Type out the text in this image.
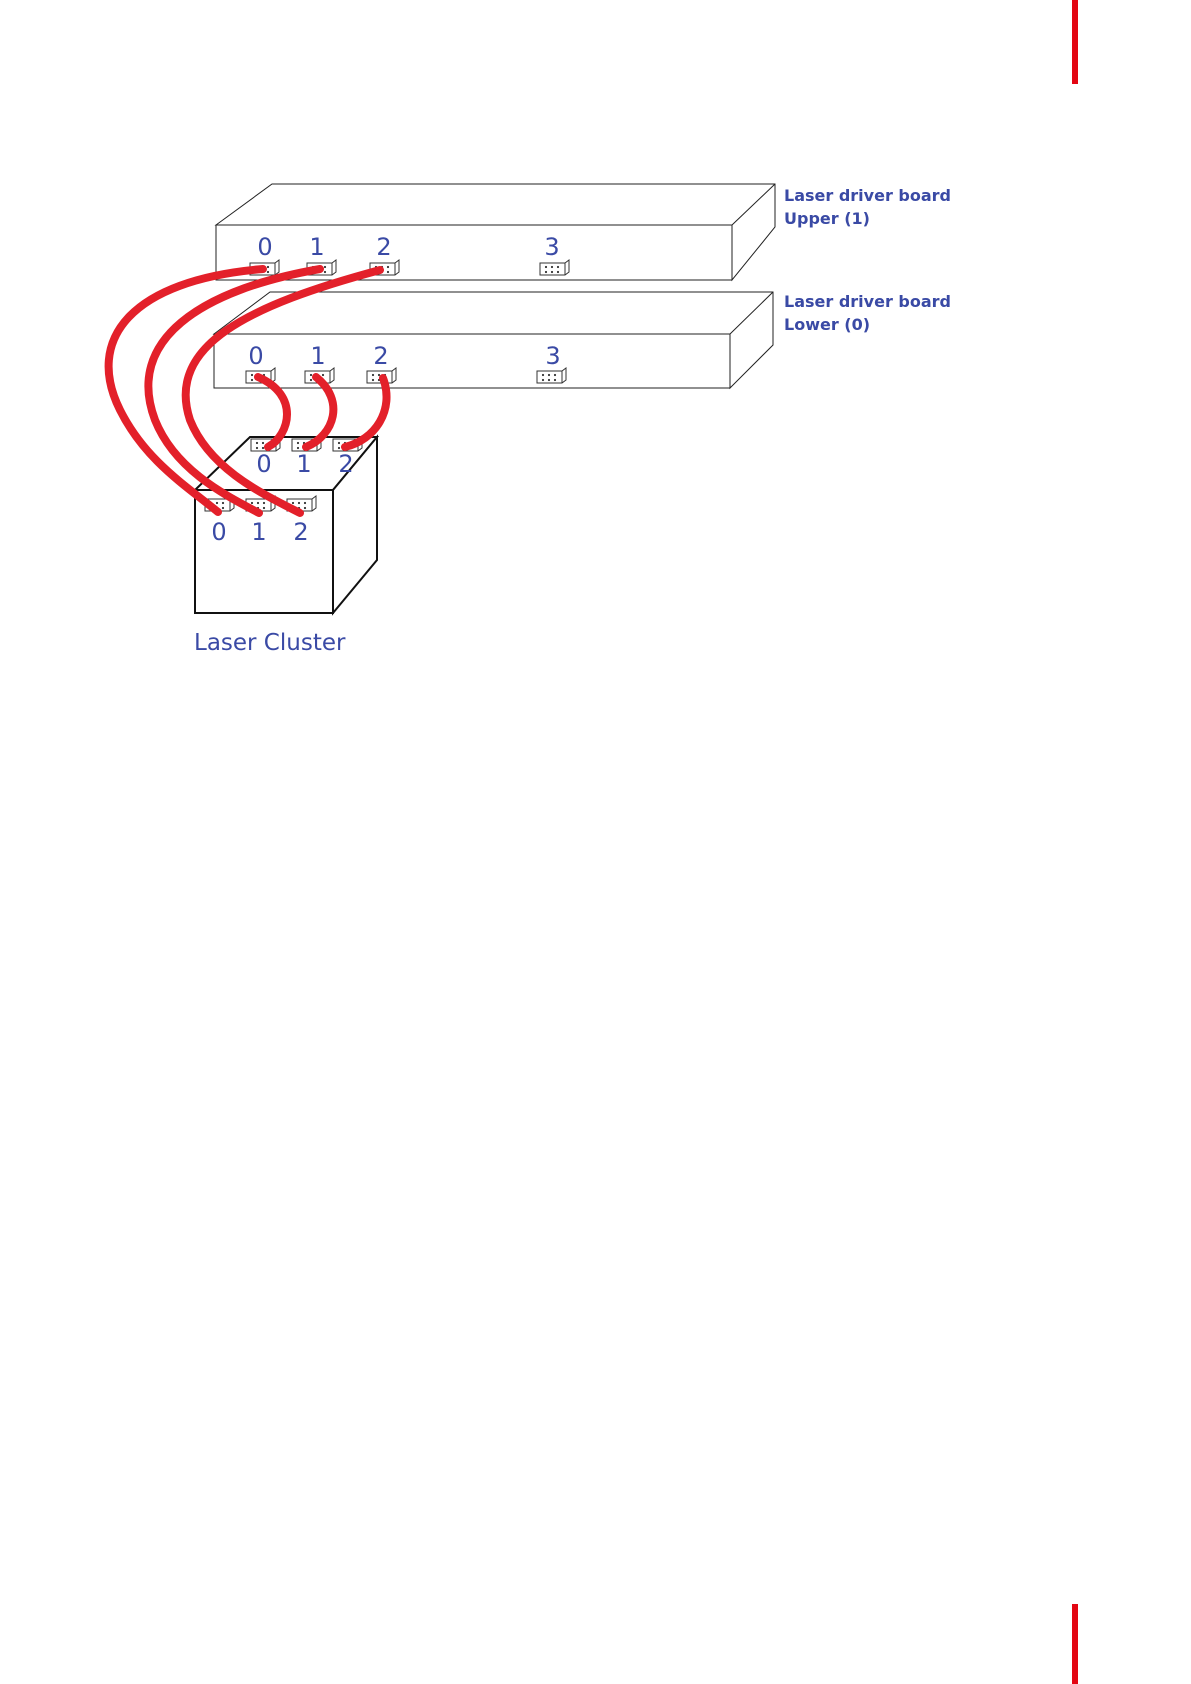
0 1 2	3
0 1 2	3
0 1 2
0 1 2
Laser driver board
Upper (1)
Laser driver board
Lower (0)
Laser Cluster
